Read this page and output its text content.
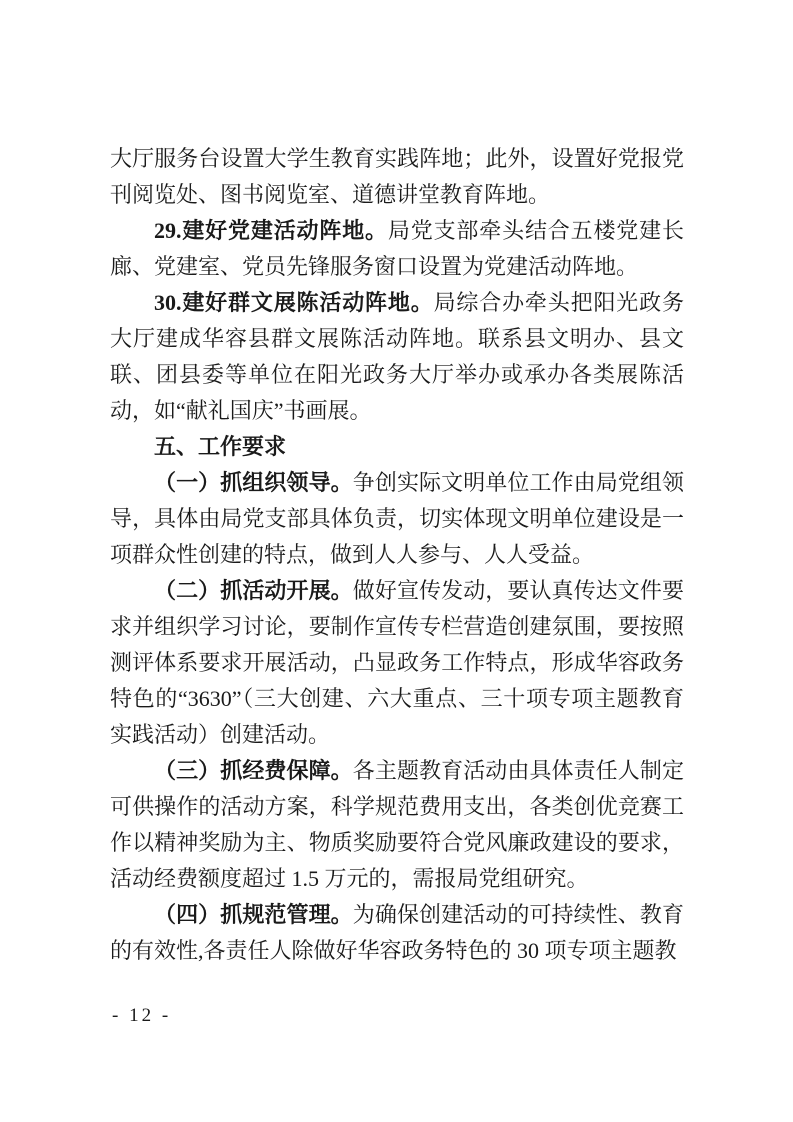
大厅服务台设置大学生教育实践阵地；此外，设置好党报党刊阅览处、图书阅览室、道德讲堂教育阵地。

29.建好党建活动阵地。局党支部牵头结合五楼党建长廊、党建室、党员先锋服务窗口设置为党建活动阵地。

30.建好群文展陈活动阵地。局综合办牵头把阳光政务大厅建成华容县群文展陈活动阵地。联系县文明办、县文联、团县委等单位在阳光政务大厅举办或承办各类展陈活动，如“献礼国庆”书画展。

五、工作要求

（一）抓组织领导。争创实际文明单位工作由局党组领导，具体由局党支部具体负责，切实体现文明单位建设是一项群众性创建的特点，做到人人参与、人人受益。

（二）抓活动开展。做好宣传发动，要认真传达文件要求并组织学习讨论，要制作宣传专栏营造创建氛围，要按照测评体系要求开展活动，凸显政务工作特点，形成华容政务特色的“3630”（三大创建、六大重点、三十项专项主题教育实践活动）创建活动。

（三）抓经费保障。各主题教育活动由具体责任人制定可供操作的活动方案，科学规范费用支出，各类创优竞赛工作以精神奖励为主、物质奖励要符合党风廉政建设的要求，活动经费额度超过 1.5 万元的，需报局党组研究。

（四）抓规范管理。为确保创建活动的可持续性、教育的有效性,各责任人除做好华容政务特色的 30 项专项主题教

- 12 -
